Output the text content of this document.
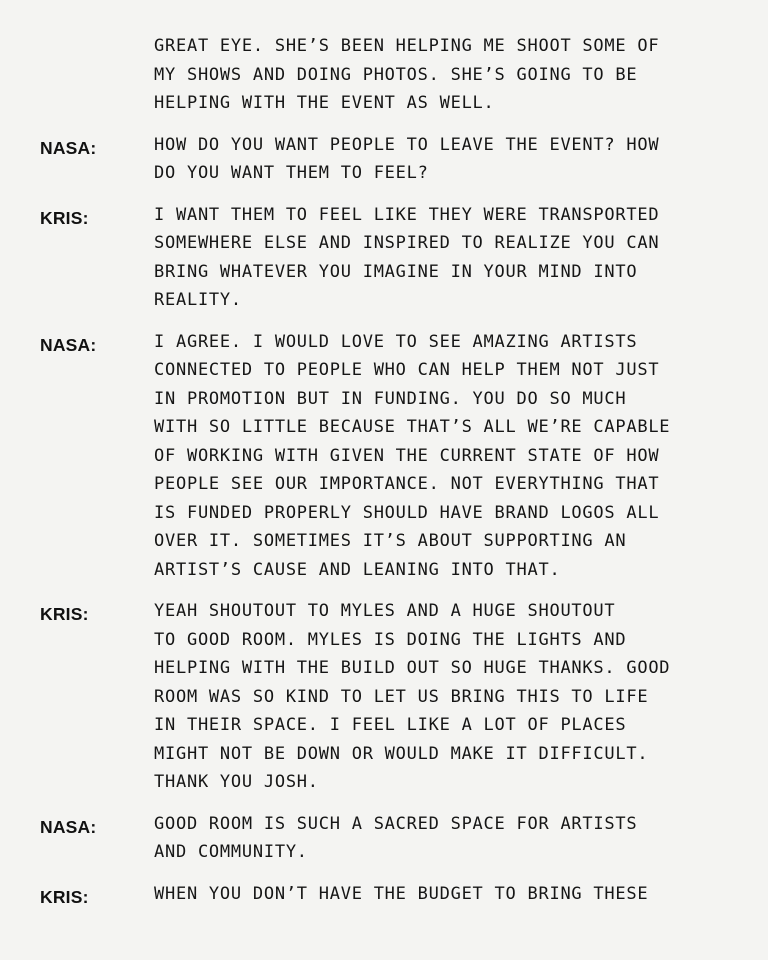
GREAT EYE. SHE’S BEEN HELPING ME SHOOT SOME OF
MY SHOWS AND DOING PHOTOS. SHE’S GOING TO BE
HELPING WITH THE EVENT AS WELL.
NASA:	HOW DO YOU WANT PEOPLE TO LEAVE THE EVENT? HOW
DO YOU WANT THEM TO FEEL?
KRIS:	I WANT THEM TO FEEL LIKE THEY WERE TRANSPORTED
SOMEWHERE ELSE AND INSPIRED TO REALIZE YOU CAN
BRING WHATEVER YOU IMAGINE IN YOUR MIND INTO
REALITY.
NASA:	I AGREE. I WOULD LOVE TO SEE AMAZING ARTISTS
CONNECTED TO PEOPLE WHO CAN HELP THEM NOT JUST
IN PROMOTION BUT IN FUNDING. YOU DO SO MUCH
WITH SO LITTLE BECAUSE THAT’S ALL WE’RE CAPABLE
OF WORKING WITH GIVEN THE CURRENT STATE OF HOW
PEOPLE SEE OUR IMPORTANCE. NOT EVERYTHING THAT
IS FUNDED PROPERLY SHOULD HAVE BRAND LOGOS ALL
OVER IT. SOMETIMES IT’S ABOUT SUPPORTING AN
ARTIST’S CAUSE AND LEANING INTO THAT.
KRIS:	YEAH SHOUTOUT TO MYLES AND A HUGE SHOUTOUT
TO GOOD ROOM. MYLES IS DOING THE LIGHTS AND
HELPING WITH THE BUILD OUT SO HUGE THANKS. GOOD
ROOM WAS SO KIND TO LET US BRING THIS TO LIFE
IN THEIR SPACE. I FEEL LIKE A LOT OF PLACES
MIGHT NOT BE DOWN OR WOULD MAKE IT DIFFICULT.
THANK YOU JOSH.
NASA:	GOOD ROOM IS SUCH A SACRED SPACE FOR ARTISTS
AND COMMUNITY.
KRIS:	WHEN YOU DON’T HAVE THE BUDGET TO BRING THESE
